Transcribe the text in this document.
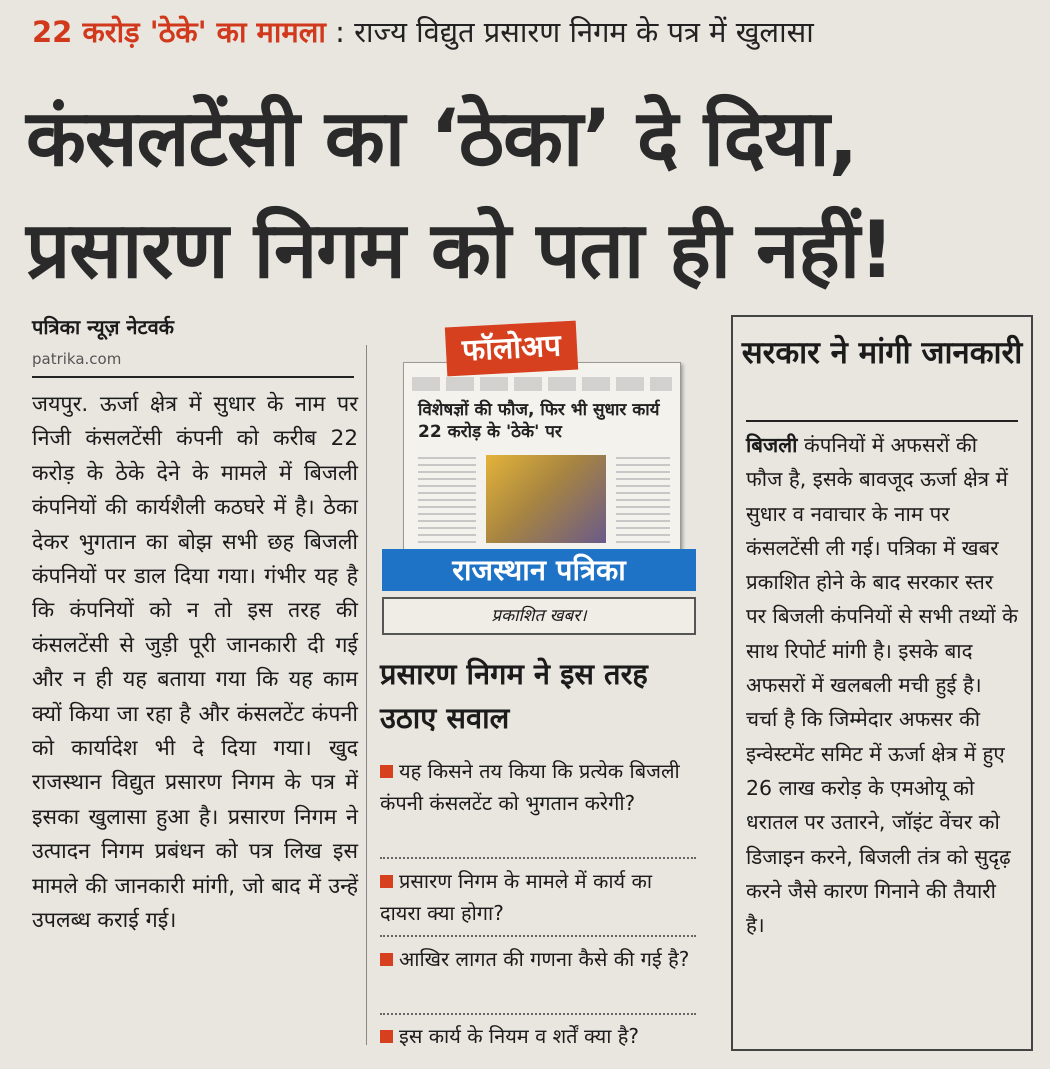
22 करोड़ 'ठेके' का मामला : राज्य विद्युत प्रसारण निगम के पत्र में खुलासा
कंसलटेंसी का ‘ठेका’ दे दिया,
प्रसारण निगम को पता ही नहीं!
पत्रिका न्यूज़ नेटवर्क
patrika.com
जयपुर. ऊर्जा क्षेत्र में सुधार के नाम पर निजी कंसलटेंसी कंपनी को करीब 22 करोड़ के ठेके देने के मामले में बिजली कंपनियों की कार्यशैली कठघरे में है। ठेका देकर भुगतान का बोझ सभी छह बिजली कंपनियों पर डाल दिया गया। गंभीर यह है कि कंपनियों को न तो इस तरह की कंसलटेंसी से जुड़ी पूरी जानकारी दी गई और न ही यह बताया गया कि यह काम क्यों किया जा रहा है और कंसलटेंट कंपनी को कार्यादेश भी दे दिया गया। खुद राजस्थान विद्युत प्रसारण निगम के पत्र में इसका खुलासा हुआ है। प्रसारण निगम ने उत्पादन निगम प्रबंधन को पत्र लिख इस मामले की जानकारी मांगी, जो बाद में उन्हें उपलब्ध कराई गई।
विशेषज्ञों की फौज, फिर भी सुधार कार्य 22 करोड़ के 'ठेके' पर
फॉलोअप
राजस्थान पत्रिका
प्रकाशित खबर।
प्रसारण निगम ने इस तरह उठाए सवाल
यह किसने तय किया कि प्रत्येक बिजली कंपनी कंसलटेंट को भुगतान करेगी?
प्रसारण निगम के मामले में कार्य का दायरा क्या होगा?
आखिर लागत की गणना कैसे की गई है?
इस कार्य के नियम व शर्तें क्या है?
सरकार ने मांगी जानकारी
बिजली कंपनियों में अफसरों की फौज है, इसके बावजूद ऊर्जा क्षेत्र में सुधार व नवाचार के नाम पर कंसलटेंसी ली गई। पत्रिका में खबर प्रकाशित होने के बाद सरकार स्तर पर बिजली कंपनियों से सभी तथ्यों के साथ रिपोर्ट मांगी है। इसके बाद अफसरों में खलबली मची हुई है। चर्चा है कि जिम्मेदार अफसर की इन्वेस्टमेंट समिट में ऊर्जा क्षेत्र में हुए 26 लाख करोड़ के एमओयू को धरातल पर उतारने, जॉइंट वेंचर को डिजाइन करने, बिजली तंत्र को सुदृढ़ करने जैसे कारण गिनाने की तैयारी है।
